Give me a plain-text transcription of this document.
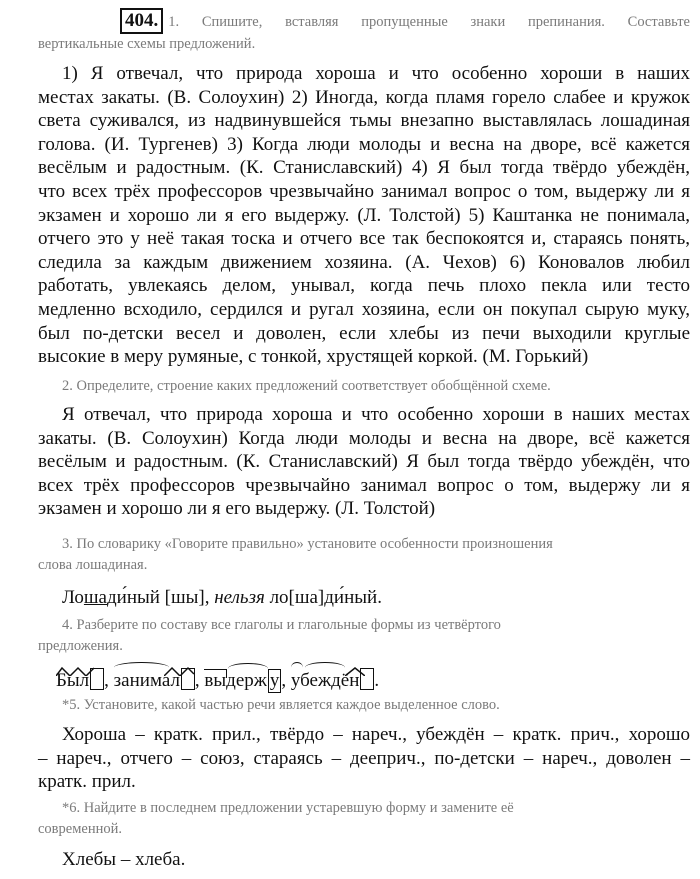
404. 1. Спишите, вставляя пропущенные знаки препинания. Составьте
вертикальные схемы предложений.
1) Я отвечал, что природа хороша и что особенно хороши в наших
местах закаты. (В. Солоухин) 2) Иногда, когда пламя горело слабее и кружок
света суживался, из надвинувшейся тьмы внезапно выставлялась лошадиная
голова. (И. Тургенев) 3) Когда люди молоды и весна на дворе, всё кажется
весёлым и радостным. (К. Станиславский) 4) Я был тогда твёрдо убеждён,
что всех трёх профессоров чрезвычайно занимал вопрос о том, выдержу ли я
экзамен и хорошо ли я его выдержу. (Л. Толстой) 5) Каштанка не понимала,
отчего это у неё такая тоска и отчего все так беспокоятся и, стараясь понять,
следила за каждым движением хозяина. (А. Чехов) 6) Коновалов любил
работать, увлекаясь делом, унывал, когда печь плохо пекла или тесто
медленно всходило, сердился и ругал хозяина, если он покупал сырую муку,
был по-детски весел и доволен, если хлебы из печи выходили круглые
высокие в меру румяные, с тонкой, хрустящей коркой. (М. Горький)
2. Определите, строение каких предложений соответствует обобщённой схеме.
Я отвечал, что природа хороша и что особенно хороши в наших местах
закаты. (В. Солоухин) Когда люди молоды и весна на дворе, всё кажется
весёлым и радостным. (К. Станиславский) Я был тогда твёрдо убеждён, что
всех трёх профессоров чрезвычайно занимал вопрос о том, выдержу ли я
экзамен и хорошо ли я его выдержу. (Л. Толстой)
3. По словарику «Говорите правильно» установите особенности произношения
слова лошадиная.
Лошади́ный [шы], нельзя ло[ша]ди́ный.
4. Разберите по составу все глаголы и глагольные формы из четвёртого
предложения.
Был ,
занимал ,
выдерж у ,
убеждён .
*5. Установите, какой частью речи является каждое выделенное слово.
Хороша – кратк. прил., твёрдо – нареч., убеждён – кратк. прич., хорошо
– нареч., отчего – союз, стараясь – дееприч., по-детски – нареч., доволен –
кратк. прил.
*6. Найдите в последнем предложении устаревшую форму и замените её
современной.
Хлебы – хлеба.
